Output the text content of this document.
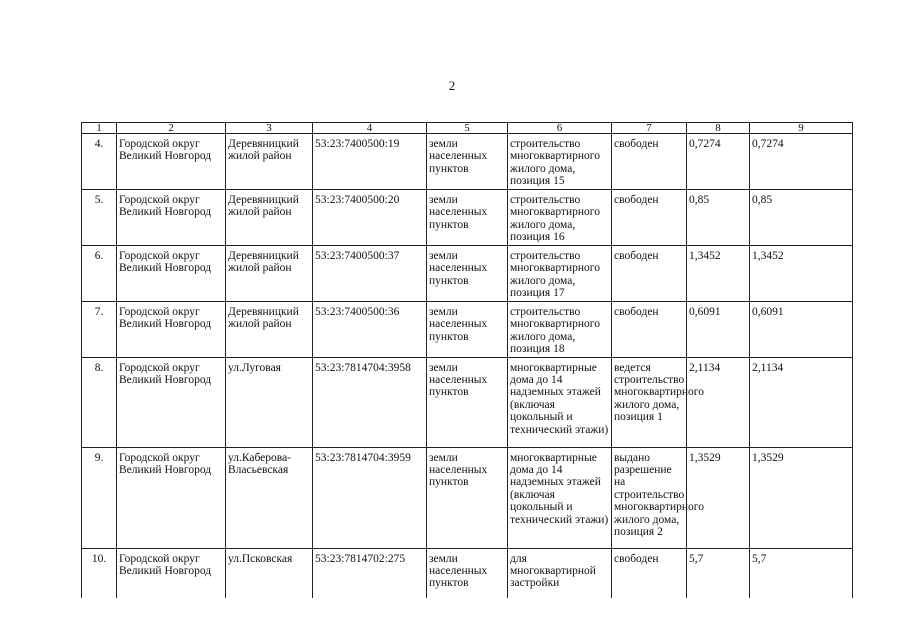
2
1	2	3	4	5	6	7	8	9
4.	Городской округ Великий Новгород	Деревяницкий жилой район	53:23:7400500:19	земли населенных пунктов	строительство многоквартирного жилого дома, позиция 15	свободен	0,7274	0,7274
5.	Городской округ Великий Новгород	Деревяницкий жилой район	53:23:7400500:20	земли населенных пунктов	строительство многоквартирного жилого дома, позиция 16	свободен	0,85	0,85
6.	Городской округ Великий Новгород	Деревяницкий жилой район	53:23:7400500:37	земли населенных пунктов	строительство многоквартирного жилого дома, позиция 17	свободен	1,3452	1,3452
7.	Городской округ Великий Новгород	Деревяницкий жилой район	53:23:7400500:36	земли населенных пунктов	строительство многоквартирного жилого дома, позиция 18	свободен	0,6091	0,6091
8.	Городской округ Великий Новгород	ул.Луговая	53:23:7814704:3958	земли населенных пунктов	многоквартирные дома до 14 надземных этажей (включая цокольный и технический этажи)	ведется строительство многоквартирного жилого дома, позиция 1	2,1134	2,1134
9.	Городской округ Великий Новгород	ул.Каберова-Власьевская	53:23:7814704:3959	земли населенных пунктов	многоквартирные дома до 14 надземных этажей (включая цокольный и технический этажи)	выдано разрешение на строительство многоквартирного жилого дома, позиция 2	1,3529	1,3529
10.	Городской округ Великий Новгород	ул.Псковская	53:23:7814702:275	земли населенных пунктов	для многоквартирной застройки	свободен	5,7	5,7
